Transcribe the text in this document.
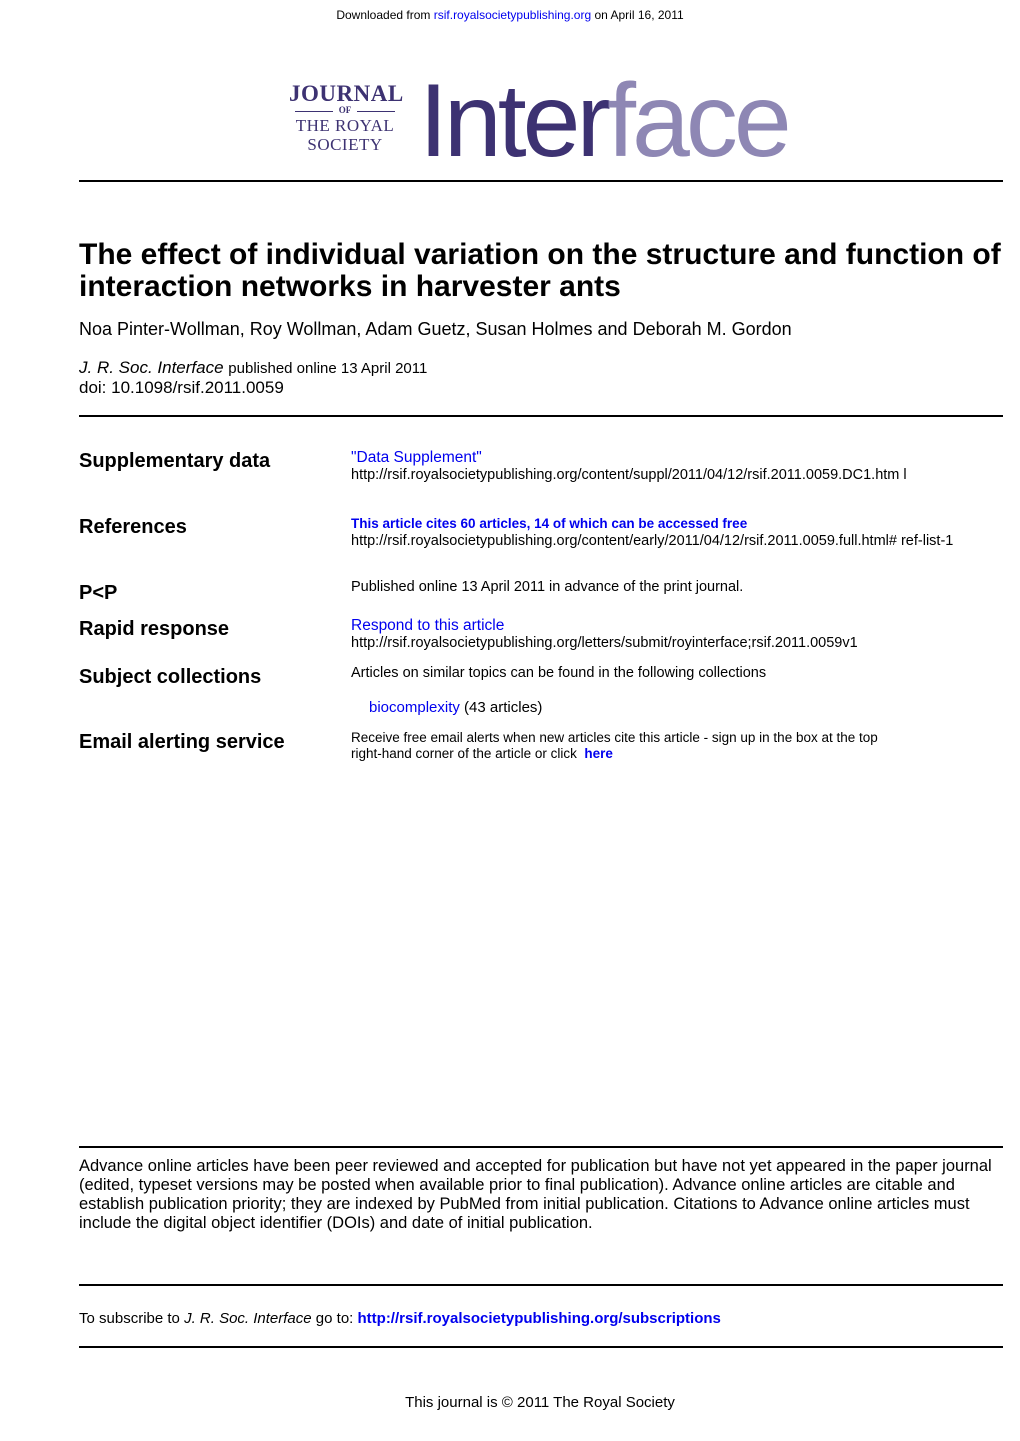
Downloaded from rsif.royalsocietypublishing.org on April 16, 2011
JOURNAL
OF
THE ROYAL
SOCIETY Interface
The effect of individual variation on the structure and function of interaction networks in harvester ants
Noa Pinter-Wollman, Roy Wollman, Adam Guetz, Susan Holmes and Deborah M. Gordon
J. R. Soc. Interface published online 13 April 2011
doi: 10.1098/rsif.2011.0059
Supplementary data	"Data Supplement"
http://rsif.royalsocietypublishing.org/content/suppl/2011/04/12/rsif.2011.0059.DC1.htm l
References	This article cites 60 articles, 14 of which can be accessed free
http://rsif.royalsocietypublishing.org/content/early/2011/04/12/rsif.2011.0059.full.html# ref-list-1
P<P	Published online 13 April 2011 in advance of the print journal.
Rapid response	Respond to this article
http://rsif.royalsocietypublishing.org/letters/submit/royinterface;rsif.2011.0059v1
Subject collections	Articles on similar topics can be found in the following collections
biocomplexity (43 articles)
Email alerting service	Receive free email alerts when new articles cite this article - sign up in the box at the top
right-hand corner of the article or click here
Advance online articles have been peer reviewed and accepted for publication but have not yet appeared in the paper journal (edited, typeset versions may be posted when available prior to final publication). Advance online articles are citable and establish publication priority; they are indexed by PubMed from initial publication. Citations to Advance online articles must include the digital object identifier (DOIs) and date of initial publication.
To subscribe to J. R. Soc. Interface go to: http://rsif.royalsocietypublishing.org/subscriptions
This journal is © 2011 The Royal Society
